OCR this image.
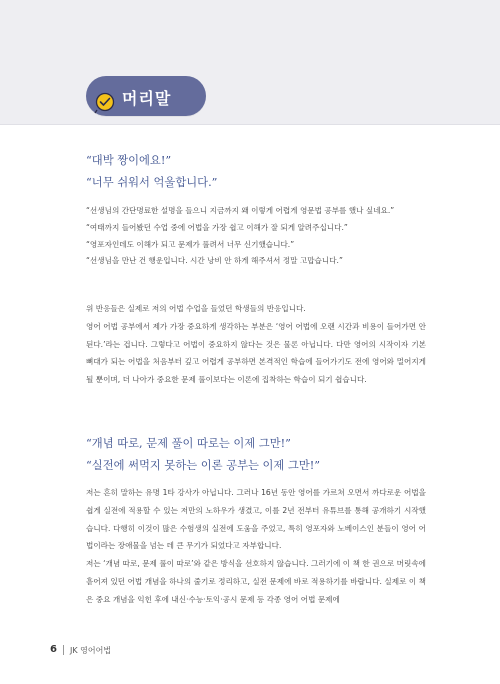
머리말
“대박 짱이에요!”
“너무 쉬워서 억울합니다.”
“선생님의 간단명료한 설명을 들으니 지금까지 왜 이렇게 어렵게 영문법 공부를 했나 싶네요.”
“여태까지 들어봤던 수업 중에 어법을 가장 쉽고 이해가 잘 되게 알려주십니다.”
“영포자인데도 이해가 되고 문제가 풀려서 너무 신기했습니다.”
“선생님을 만난 건 행운입니다. 시간 낭비 안 하게 해주셔서 정말 고맙습니다.”
위 반응들은 실제로 저의 어법 수업을 들었던 학생들의 반응입니다.
영어 어법 공부에서 제가 가장 중요하게 생각하는 부분은 ‘영어 어법에 오랜 시간과 비용이 들어가면 안 된다.’라는 겁니다. 그렇다고 어법이 중요하지 않다는 것은 물론 아닙니다. 다만 영어의 시작이자 기본 뼈대가 되는 어법을 처음부터 깊고 어렵게 공부하면 본격적인 학습에 들어가기도 전에 영어와 멀어지게 될 뿐이며, 더 나아가 중요한 문제 풀이보다는 이론에 집착하는 학습이 되기 쉽습니다.
“개념 따로, 문제 풀이 따로는 이제 그만!”
“실전에 써먹지 못하는 이론 공부는 이제 그만!”
저는 흔히 말하는 유명 1타 강사가 아닙니다. 그러나 16년 동안 영어를 가르쳐 오면서 까다로운 어법을 쉽게 실전에 적용할 수 있는 저만의 노하우가 생겼고, 이를 2년 전부터 유튜브를 통해 공개하기 시작했습니다. 다행히 이것이 많은 수험생의 실전에 도움을 주었고, 특히 영포자와 노베이스인 분들이 영어 어법이라는 장애물을 넘는 데 큰 무기가 되었다고 자부합니다.
저는 ‘개념 따로, 문제 풀이 따로’와 같은 방식을 선호하지 않습니다. 그러기에 이 책 한 권으로 머릿속에 흩어져 있던 어법 개념을 하나의 줄기로 정리하고, 실전 문제에 바로 적용하기를 바랍니다. 실제로 이 책은 중요 개념을 익힌 후에 내신·수능·토익·공시 문제 등 각종 영어 어법 문제에
6 JK 영어어법
